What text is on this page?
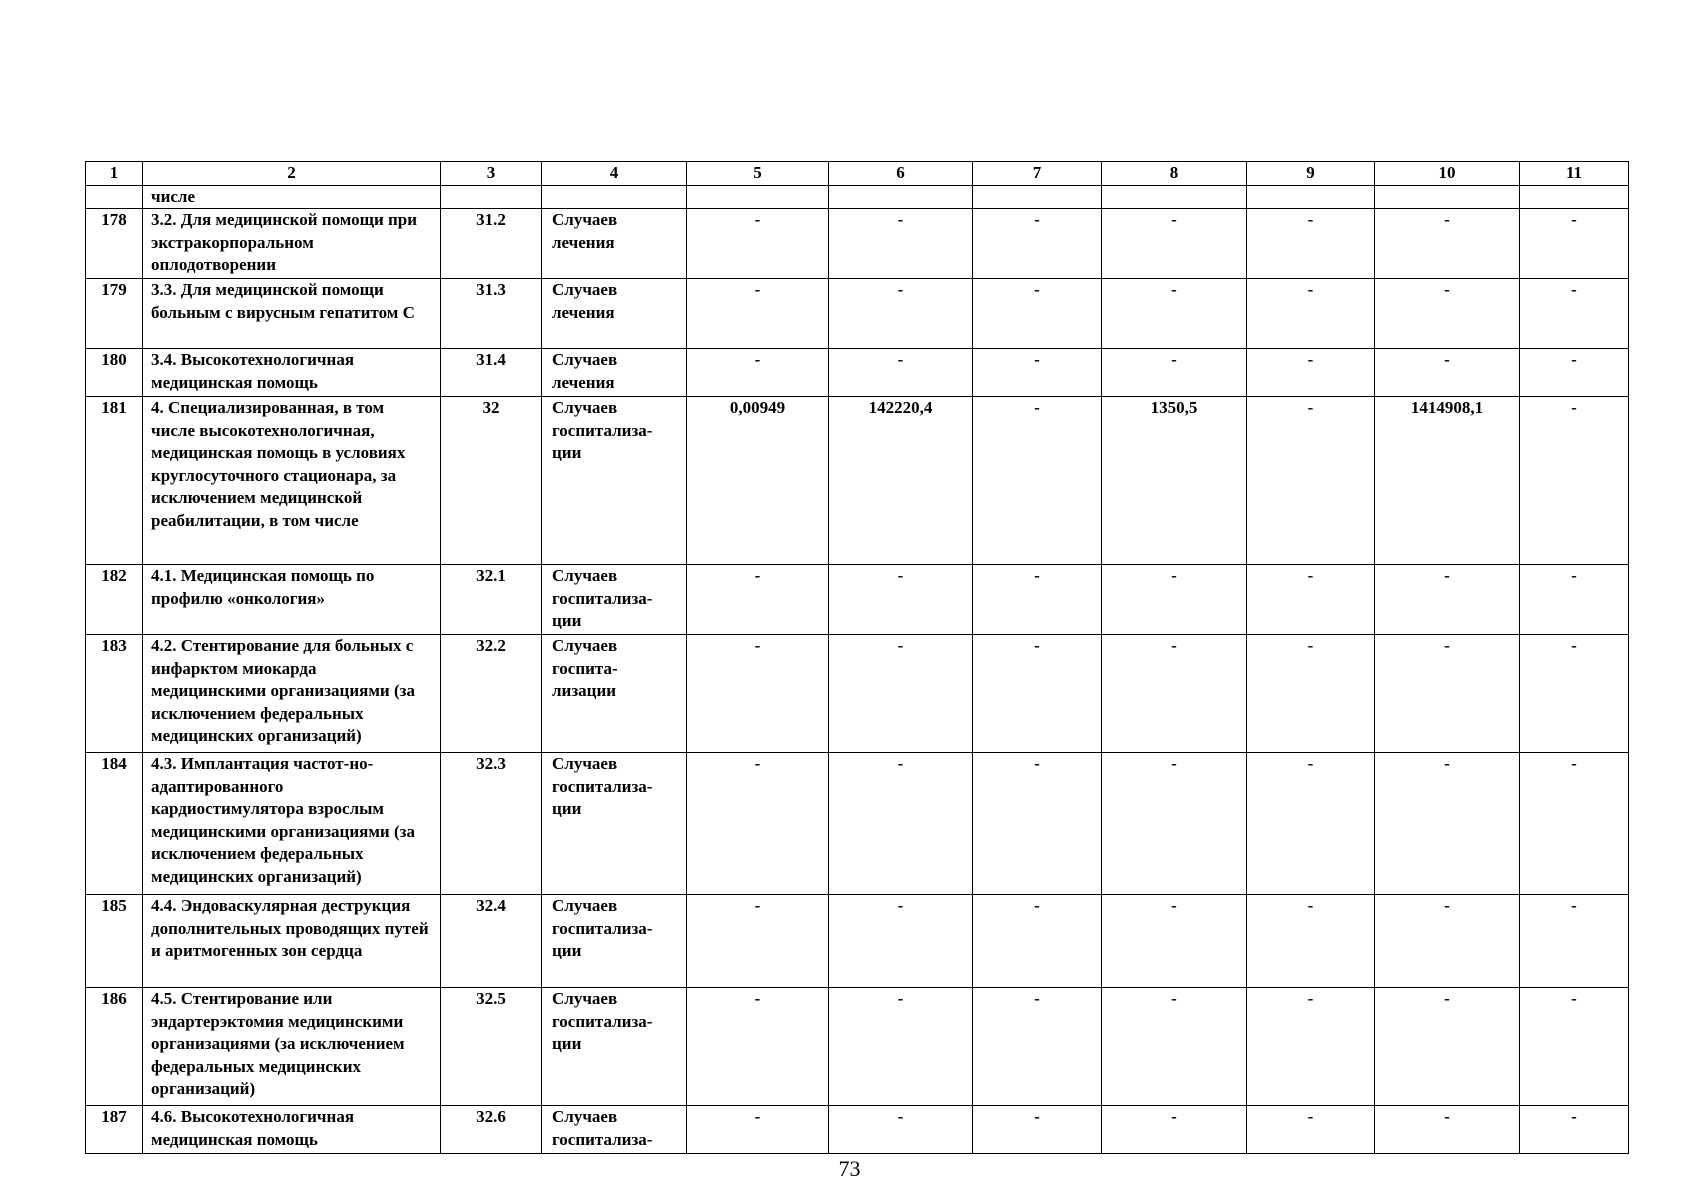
1	2	3	4	5	6	7	8	9	10	11
	числе									
178	3.2. Для медицинской помощи при экстракорпоральном оплодотворении	31.2	Случаев лечения	-	-	-	-	-	-	-
179	3.3. Для медицинской помощи больным с вирусным гепатитом С	31.3	Случаев лечения	-	-	-	-	-	-	-
180	3.4. Высокотехнологичная медицинская помощь	31.4	Случаев лечения	-	-	-	-	-	-	-
181	4. Специализированная, в том числе высокотехнологичная, медицинская помощь в условиях круглосуточного стационара, за исключением медицинской реабилитации, в том числе	32	Случаев госпитализа-ции	0,00949	142220,4	-	1350,5	-	1414908,1	-
182	4.1. Медицинская помощь по профилю «онкология»	32.1	Случаев госпитализа-ции	-	-	-	-	-	-	-
183	4.2. Стентирование для больных с инфарктом миокарда медицинскими организациями (за исключением федеральных медицинских организаций)	32.2	Случаев госпита-лизации	-	-	-	-	-	-	-
184	4.3. Имплантация частот-но-адаптированного кардиостимулятора взрослым медицинскими организациями (за исключением федеральных медицинских организаций)	32.3	Случаев госпитализа-ции	-	-	-	-	-	-	-
185	4.4. Эндоваскулярная деструкция дополнительных проводящих путей и аритмогенных зон сердца	32.4	Случаев госпитализа-ции	-	-	-	-	-	-	-
186	4.5. Стентирование или эндартерэктомия медицинскими организациями (за исключением федеральных медицинских организаций)	32.5	Случаев госпитализа-ции	-	-	-	-	-	-	-
187	4.6. Высокотехнологичная медицинская помощь	32.6	Случаев госпитализа-	-	-	-	-	-	-	-
73
